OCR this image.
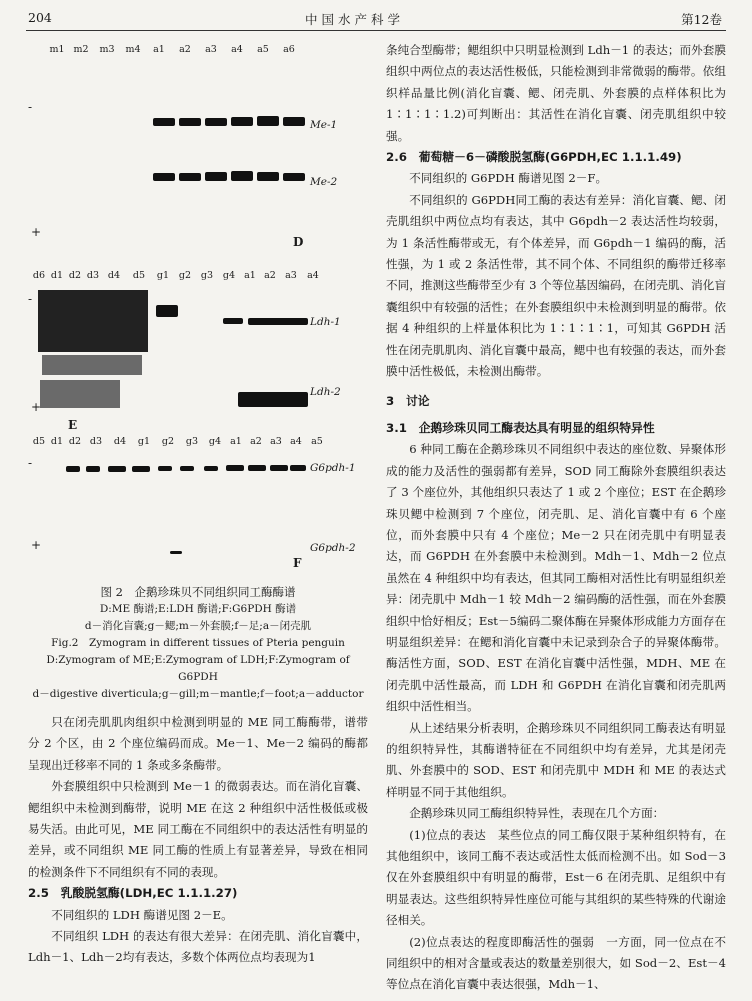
204	中国水产科学	第12卷
m1 m2 m3 m4 a1 a2 a3 a4 a5 a6
-
Me-1
Me-2
+
D
d6 d1 d2 d3 d4 d5 g1 g2 g3 g4 a1 a2 a3 a4
-
Ldh-1
+
Ldh-2
E
d5 d1 d2 d3 d4 g1 g2 g3 g4 a1 a2 a3 a4 a5
-	G6pdh-1
+
F
G6pdh-2
图 2　企鹅珍珠贝不同组织同工酶酶谱
D:ME 酶谱;E:LDH 酶谱;F:G6PDH 酶谱
d－消化盲囊;g－鳃;m－外套膜;f－足;a－闭壳肌
Fig.2　Zymogram in different tissues of Pteria penguin
D:Zymogram of ME;E:Zymogram of LDH;F:Zymogram of G6PDH
d－digestive diverticula;g－gill;m－mantle;f－foot;a－adductor

只在闭壳肌肌肉组织中检测到明显的 ME 同工酶酶带，谱带分 2 个区，由 2 个座位编码而成。Me－1、Me－2 编码的酶都呈现出迁移率不同的 1 条或多条酶带。

外套膜组织中只检测到 Me－1 的微弱表达。而在消化盲囊、鳃组织中未检测到酶带，说明 ME 在这 2 种组织中活性极低或极易失活。由此可见，ME 同工酶在不同组织中的表达活性有明显的差异，或不同组织 ME 同工酶的性质上有显著差异，导致在相同的检测条件下不同组织有不同的表现。

2.5　乳酸脱氢酶(LDH,EC 1.1.1.27)

不同组织的 LDH 酶谱见图 2－E。

不同组织 LDH 的表达有很大差异：在闭壳肌、消化盲囊中，Ldh－1、Ldh－2均有表达，多数个体两位点均表现为1

条纯合型酶带；鳃组织中只明显检测到 Ldh－1 的表达；而外套膜组织中两位点的表达活性极低，只能检测到非常微弱的酶带。依组织样品量比例(消化盲囊、鳃、闭壳肌、外套膜的点样体积比为 1∶1∶1∶1.2)可判断出：其活性在消化盲囊、闭壳肌组织中较强。

2.6　葡萄糖－6－磷酸脱氢酶(G6PDH,EC 1.1.1.49)

不同组织的 G6PDH 酶谱见图 2－F。

不同组织的 G6PDH同工酶的表达有差异：消化盲囊、鳃、闭壳肌组织中两位点均有表达，其中 G6pdh－2 表达活性均较弱，为 1 条活性酶带或无，有个体差异，而 G6pdh－1 编码的酶，活性强，为 1 或 2 条活性带，其不同个体、不同组织的酶带迁移率不同，推测这些酶带至少有 3 个等位基因编码，在闭壳肌、消化盲囊组织中有较强的活性；在外套膜组织中未检测到明显的酶带。依据 4 种组织的上样量体积比为 1∶1∶1∶1，可知其 G6PDH 活性在闭壳肌肌肉、消化盲囊中最高，鳃中也有较强的表达，而外套膜中活性极低，未检测出酶带。

3　讨论
3.1　企鹅珍珠贝同工酶表达具有明显的组织特异性

6 种同工酶在企鹅珍珠贝不同组织中表达的座位数、异聚体形成的能力及活性的强弱都有差异，SOD 同工酶除外套膜组织表达了 3 个座位外，其他组织只表达了 1 或 2 个座位；EST 在企鹅珍珠贝鳃中检测到 7 个座位，闭壳肌、足、消化盲囊中有 6 个座位，而外套膜中只有 4 个座位；Me－2 只在闭壳肌中有明显表达，而 G6PDH 在外套膜中未检测到。Mdh－1、Mdh－2 位点虽然在 4 种组织中均有表达，但其同工酶相对活性比有明显组织差异：闭壳肌中 Mdh－1 较 Mdh－2 编码酶的活性强，而在外套膜组织中恰好相反；Est－5编码二聚体酶在异聚体形成能力方面存在明显组织差异：在鳃和消化盲囊中未记录到杂合子的异聚体酶带。酶活性方面，SOD、EST 在消化盲囊中活性强，MDH、ME 在闭壳肌中活性最高，而 LDH 和 G6PDH 在消化盲囊和闭壳肌两组织中活性相当。

从上述结果分析表明，企鹅珍珠贝不同组织同工酶表达有明显的组织特异性，其酶谱特征在不同组织中均有差异，尤其是闭壳肌、外套膜中的 SOD、EST 和闭壳肌中 MDH 和 ME 的表达式样明显不同于其他组织。

企鹅珍珠贝同工酶组织特异性，表现在几个方面：

(1)位点的表达　某些位点的同工酶仅限于某种组织特有，在其他组织中，该同工酶不表达或活性太低而检测不出。如 Sod－3 仅在外套膜组织中有明显的酶带，Est－6 在闭壳肌、足组织中有明显表达。这些组织特异性座位可能与其组织的某些特殊的代谢途径相关。

(2)位点表达的程度即酶活性的强弱　一方面，同一位点在不同组织中的相对含量或表达的数量差别很大，如 Sod－2、Est－4 等位点在消化盲囊中表达很强，Mdh－1、
